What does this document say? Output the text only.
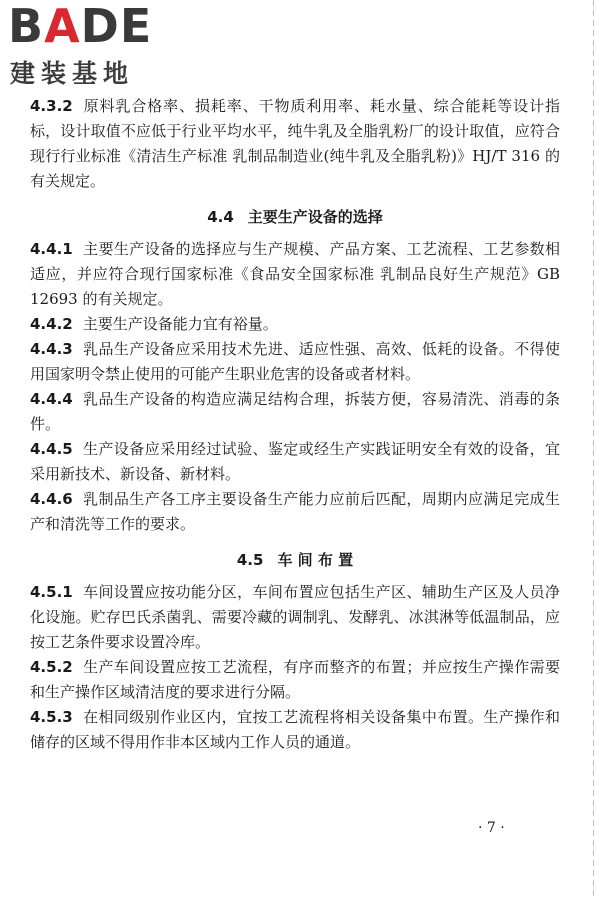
BADE
建装基地

4.3.2 原料乳合格率、损耗率、干物质利用率、耗水量、综合能耗等设计指标，设计取值不应低于行业平均水平，纯牛乳及全脂乳粉厂的设计取值，应符合现行行业标准《清洁生产标准 乳制品制造业(纯牛乳及全脂乳粉)》HJ/T 316 的有关规定。

4.4 主要生产设备的选择

4.4.1 主要生产设备的选择应与生产规模、产品方案、工艺流程、工艺参数相适应，并应符合现行国家标准《食品安全国家标准 乳制品良好生产规范》GB 12693 的有关规定。

4.4.2 主要生产设备能力宜有裕量。

4.4.3 乳品生产设备应采用技术先进、适应性强、高效、低耗的设备。不得使用国家明令禁止使用的可能产生职业危害的设备或者材料。

4.4.4 乳品生产设备的构造应满足结构合理，拆装方便，容易清洗、消毒的条件。

4.4.5 生产设备应采用经过试验、鉴定或经生产实践证明安全有效的设备，宜采用新技术、新设备、新材料。

4.4.6 乳制品生产各工序主要设备生产能力应前后匹配，周期内应满足完成生产和清洗等工作的要求。

4.5 车 间 布 置

4.5.1 车间设置应按功能分区，车间布置应包括生产区、辅助生产区及人员净化设施。贮存巴氏杀菌乳、需要冷藏的调制乳、发酵乳、冰淇淋等低温制品，应按工艺条件要求设置冷库。

4.5.2 生产车间设置应按工艺流程，有序而整齐的布置；并应按生产操作需要和生产操作区域清洁度的要求进行分隔。

4.5.3 在相同级别作业区内，宜按工艺流程将相关设备集中布置。生产操作和储存的区域不得用作非本区域内工作人员的通道。

· 7 ·
